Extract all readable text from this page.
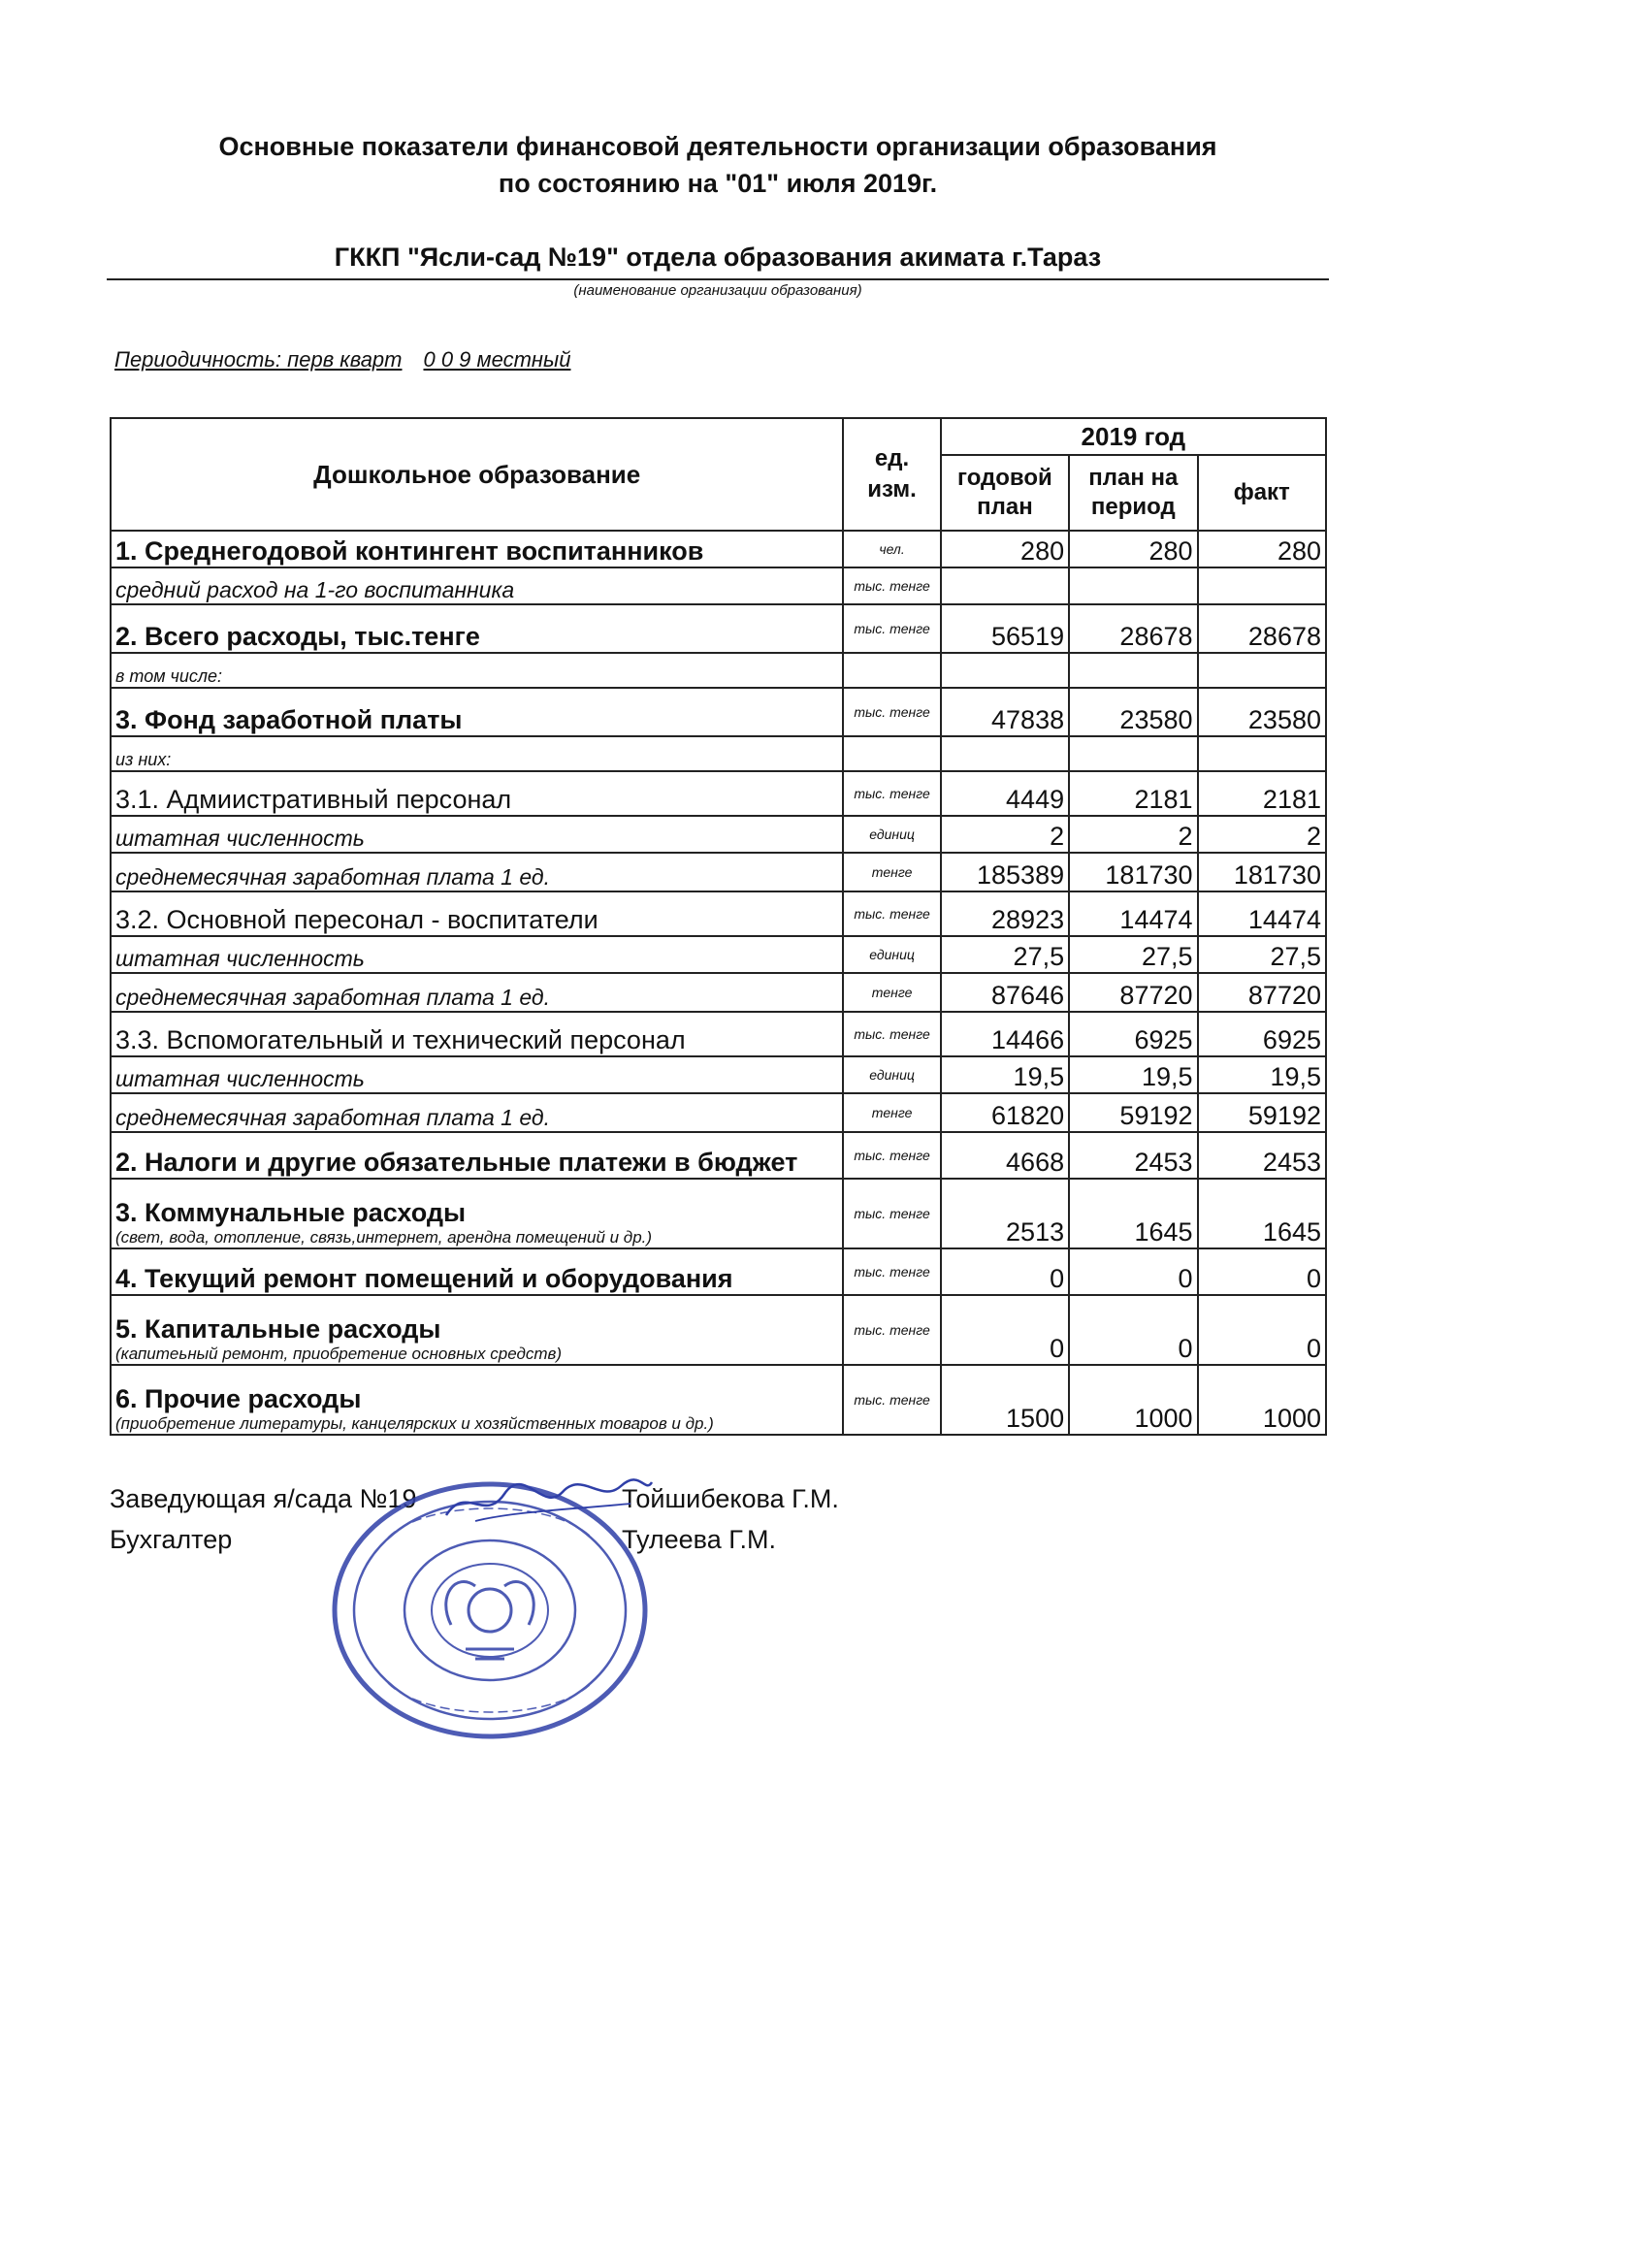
Основные показатели финансовой деятельности организации образования
по состоянию на "01" июля 2019г.
ГККП "Ясли-сад №19" отдела образования акимата г.Тараз
(наименование организации образования)
Периодичность: перв кварт 0 0 9 местный
Дошкольное образование	ед. изм.	2019 год		
		годовой план	план на период	факт
1. Среднегодовой контингент воспитанников	чел.	280	280	280
средний расход на 1-го воспитанника	тыс. тенге			
2. Всего расходы, тыс.тенге	тыс. тенге	56519	28678	28678
в том числе:				
3. Фонд заработной платы	тыс. тенге	47838	23580	23580
из них:				
3.1. Адмиистративный персонал	тыс. тенге	4449	2181	2181
штатная численность	единиц	2	2	2
среднемесячная заработная плата 1 ед.	тенге	185389	181730	181730
3.2. Основной пересонал - воспитатели	тыс. тенге	28923	14474	14474
штатная численность	единиц	27,5	27,5	27,5
среднемесячная заработная плата 1 ед.	тенге	87646	87720	87720
3.3. Вспомогательный и технический персонал	тыс. тенге	14466	6925	6925
штатная численность	единиц	19,5	19,5	19,5
среднемесячная заработная плата 1 ед.	тенге	61820	59192	59192
2. Налоги и другие обязательные платежи в бюджет	тыс. тенге	4668	2453	2453
3. Коммунальные расходы
(свет, вода, отопление, связь,интернет, арендна помещений и др.)	тыс. тенге	2513	1645	1645
4. Текущий ремонт помещений и оборудования	тыс. тенге	0	0	0
5. Капитальные расходы
(капитеьный ремонт, приобретение основных средств)	тыс. тенге	0	0	0
6. Прочие расходы
(приобретение литературы, канцелярских и хозяйственных товаров и др.)	тыс. тенге	1500	1000	1000
Заведующая я/сада №19	Тойшибекова Г.М.
Бухгалтер	Тулеева Г.М.
